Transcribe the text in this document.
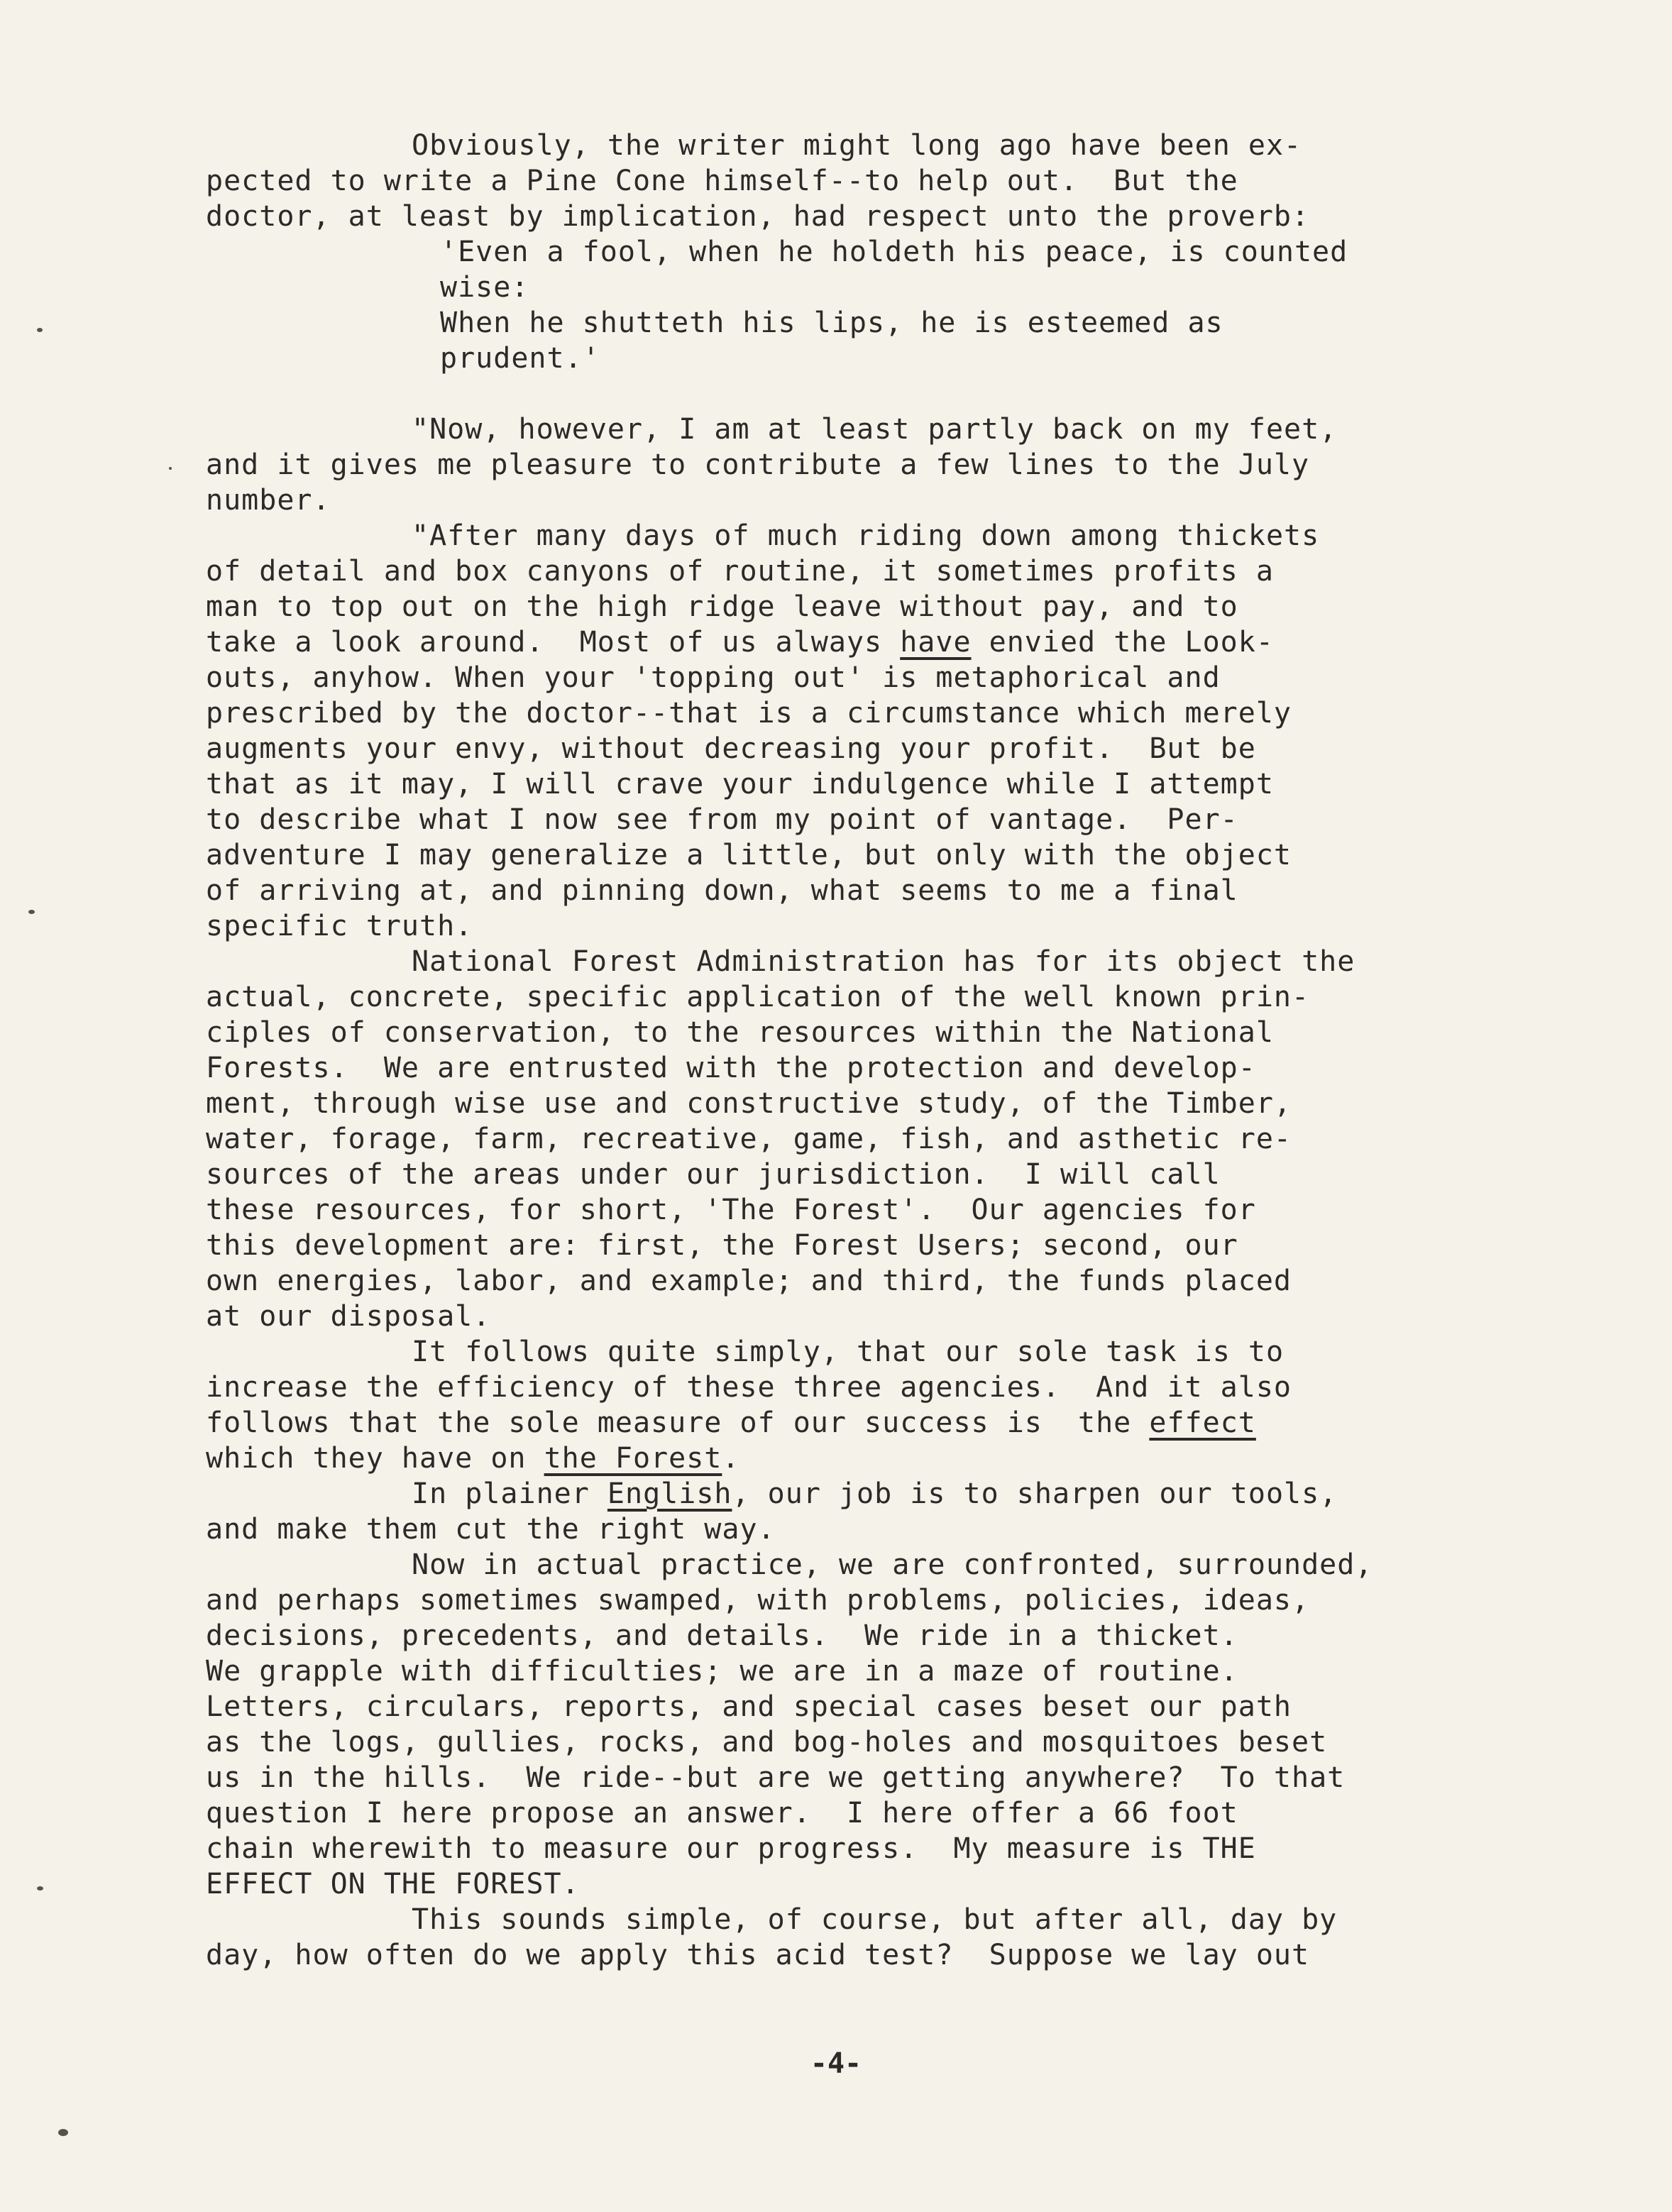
Obviously, the writer might long ago have been ex-
pected to write a Pine Cone himself--to help out.  But the
doctor, at least by implication, had respect unto the proverb:
'Even a fool, when he holdeth his peace, is counted
wise:
When he shutteth his lips, he is esteemed as
prudent.'
"Now, however, I am at least partly back on my feet,
and it gives me pleasure to contribute a few lines to the July
number.
"After many days of much riding down among thickets
of detail and box canyons of routine, it sometimes profits a
man to top out on the high ridge leave without pay, and to
take a look around.  Most of us always have envied the Look-
outs, anyhow. When your 'topping out' is metaphorical and
prescribed by the doctor--that is a circumstance which merely
augments your envy, without decreasing your profit.  But be
that as it may, I will crave your indulgence while I attempt
to describe what I now see from my point of vantage.  Per-
adventure I may generalize a little, but only with the object
of arriving at, and pinning down, what seems to me a final
specific truth.
National Forest Administration has for its object the
actual, concrete, specific application of the well known prin-
ciples of conservation, to the resources within the National
Forests.  We are entrusted with the protection and develop-
ment, through wise use and constructive study, of the Timber,
water, forage, farm, recreative, game, fish, and asthetic re-
sources of the areas under our jurisdiction.  I will call
these resources, for short, 'The Forest'.  Our agencies for
this development are: first, the Forest Users; second, our
own energies, labor, and example; and third, the funds placed
at our disposal.
It follows quite simply, that our sole task is to
increase the efficiency of these three agencies.  And it also
follows that the sole measure of our success is  the effect
which they have on the Forest.
In plainer English, our job is to sharpen our tools,
and make them cut the right way.
Now in actual practice, we are confronted, surrounded,
and perhaps sometimes swamped, with problems, policies, ideas,
decisions, precedents, and details.  We ride in a thicket.
We grapple with difficulties; we are in a maze of routine.
Letters, circulars, reports, and special cases beset our path
as the logs, gullies, rocks, and bog-holes and mosquitoes beset
us in the hills.  We ride--but are we getting anywhere?  To that
question I here propose an answer.  I here offer a 66 foot
chain wherewith to measure our progress.  My measure is THE
EFFECT ON THE FOREST.
This sounds simple, of course, but after all, day by
day, how often do we apply this acid test?  Suppose we lay out
-4-
